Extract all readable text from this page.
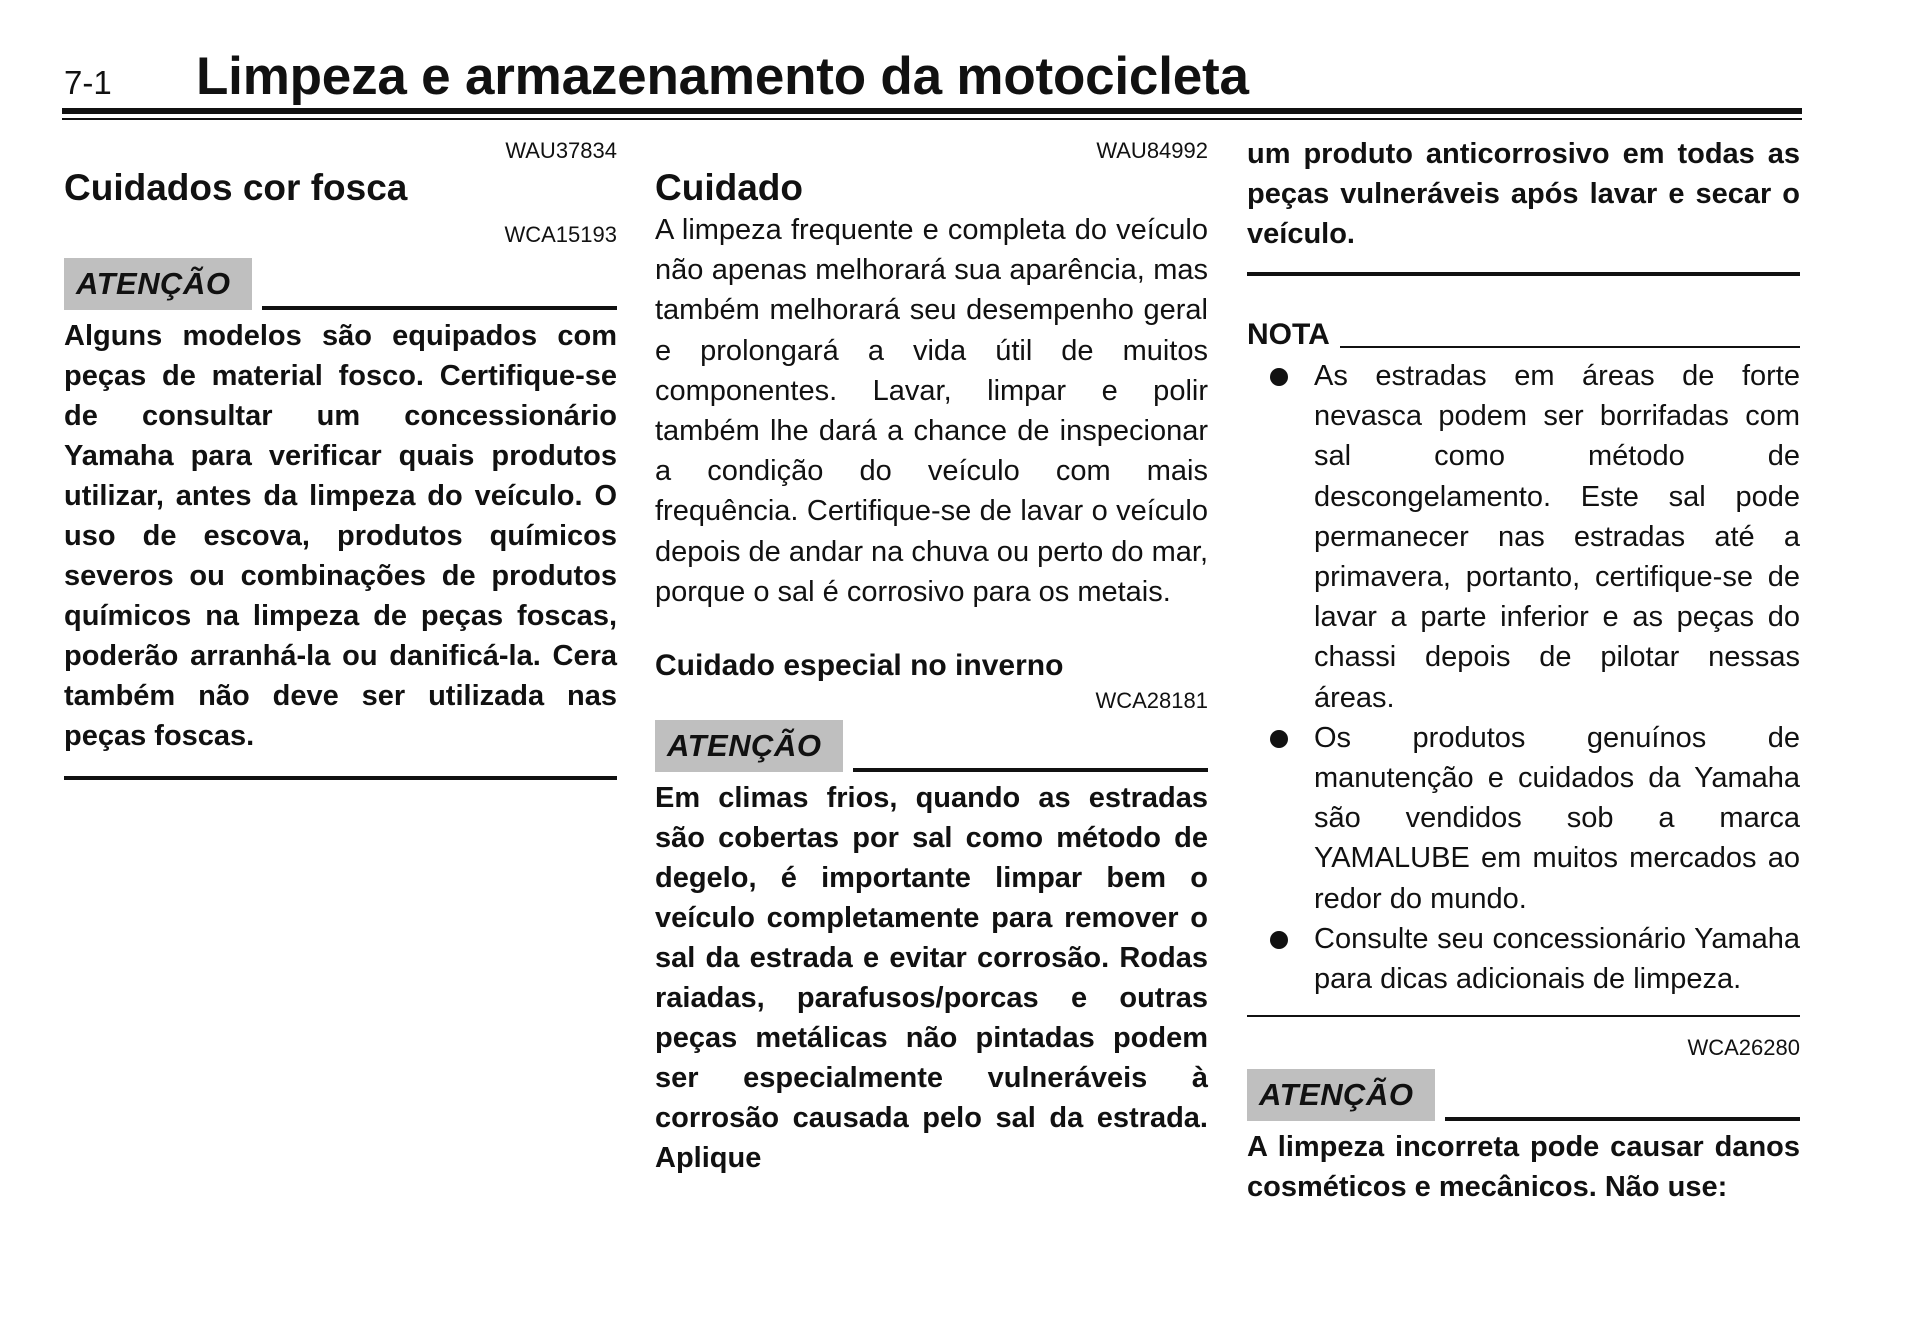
7-1 Limpeza e armazenamento da motocicleta
WAU37834
Cuidados cor fosca
WCA15193
ATENÇÃO

Alguns modelos são equipados com peças de material fosco. Certifique-se de consultar um concessionário Yamaha para verificar quais produtos utilizar, antes da limpeza do veículo. O uso de escova, produtos químicos severos ou combinações de produtos químicos na limpeza de peças foscas, poderão arranhá-la ou danificá-la. Cera também não deve ser utilizada nas peças foscas.

WAU84992
Cuidado

A limpeza frequente e completa do veículo não apenas melhorará sua aparência, mas também melhorará seu desempenho geral e prolongará a vida útil de muitos componentes. Lavar, limpar e polir também lhe dará a chance de inspecionar a condição do veículo com mais frequência. Certifique-se de lavar o veículo depois de andar na chuva ou perto do mar, porque o sal é corrosivo para os metais.

Cuidado especial no inverno
WCA28181
ATENÇÃO

Em climas frios, quando as estradas são cobertas por sal como método de degelo, é importante limpar bem o veículo completamente para remover o sal da estrada e evitar corrosão. Rodas raiadas, parafusos/porcas e outras peças metálicas não pintadas podem ser especialmente vulneráveis à corrosão causada pelo sal da estrada. Aplique

um produto anticorrosivo em todas as peças vulneráveis após lavar e secar o veículo.

NOTA
As estradas em áreas de forte nevasca podem ser borrifadas com sal como método de descongelamento. Este sal pode permanecer nas estradas até a primavera, portanto, certifique-se de lavar a parte inferior e as peças do chassi depois de pilotar nessas áreas.
Os produtos genuínos de manutenção e cuidados da Yamaha são vendidos sob a marca YAMALUBE em muitos mercados ao redor do mundo.
Consulte seu concessionário Yamaha para dicas adicionais de limpeza.
WCA26280
ATENÇÃO

A limpeza incorreta pode causar danos cosméticos e mecânicos. Não use:
